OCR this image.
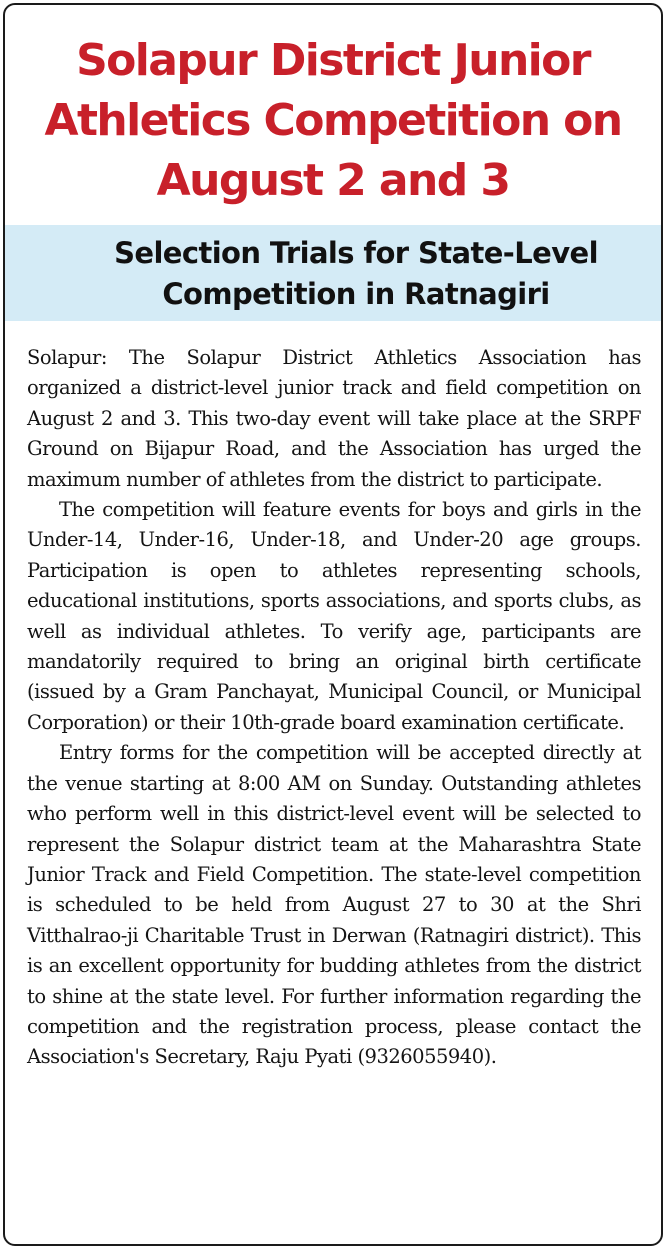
Solapur District Junior Athletics Competition on August 2 and 3
Selection Trials for State-Level Competition in Ratnagiri

Solapur: The Solapur District Athletics Association has organized a district-level junior track and field competition on August 2 and 3. This two-day event will take place at the SRPF Ground on Bijapur Road, and the Association has urged the maximum number of athletes from the district to participate.

The competition will feature events for boys and girls in the Under-14, Under-16, Under-18, and Under-20 age groups. Participation is open to athletes representing schools, educational institutions, sports associations, and sports clubs, as well as individual athletes. To verify age, participants are mandatorily required to bring an original birth certificate (issued by a Gram Panchayat, Municipal Council, or Municipal Corporation) or their 10th-grade board examination certificate.

Entry forms for the competition will be accepted directly at the venue starting at 8:00 AM on Sunday. Outstanding athletes who perform well in this district-level event will be selected to represent the Solapur district team at the Maharashtra State Junior Track and Field Competition. The state-level competition is scheduled to be held from August 27 to 30 at the Shri Vitthalrao-ji Charitable Trust in Derwan (Ratnagiri district). This is an excellent opportunity for budding athletes from the district to shine at the state level. For further information regarding the competition and the registration process, please contact the Association's Secretary, Raju Pyati (9326055940).
